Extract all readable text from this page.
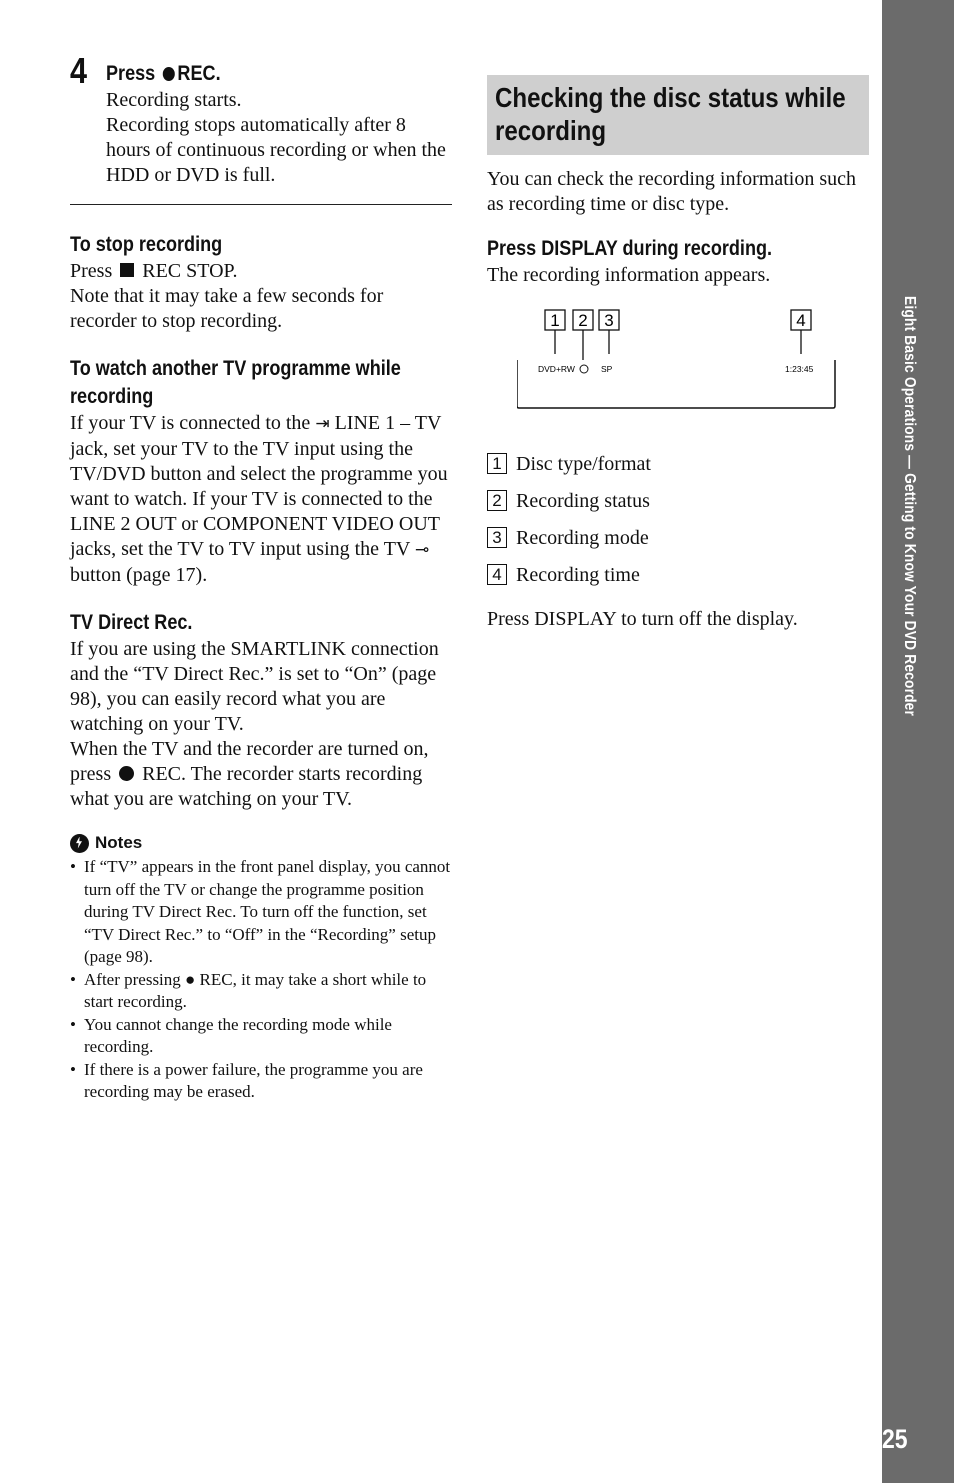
Eight Basic Operations — Getting to Know Your DVD Recorder
25
4 Press REC.
Recording starts.
Recording stops automatically after 8 hours of continuous recording or when the HDD or DVD is full.
To stop recording
Press REC STOP.
Note that it may take a few seconds for recorder to stop recording.
To watch another TV programme while recording
If your TV is connected to the ⇥ LINE 1 – TV jack, set your TV to the TV input using the TV/DVD button and select the programme you want to watch. If your TV is connected to the LINE 2 OUT or COMPONENT VIDEO OUT jacks, set the TV to TV input using the TV ⊸ button (page 17).
TV Direct Rec.
If you are using the SMARTLINK connection and the “TV Direct Rec.” is set to “On” (page 98), you can easily record what you are watching on your TV.
When the TV and the recorder are turned on, press REC. The recorder starts recording what you are watching on your TV.
Notes
• If “TV” appears in the front panel display, you cannot turn off the TV or change the programme position during TV Direct Rec. To turn off the function, set “TV Direct Rec.” to “Off” in the “Recording” setup (page 98).
• After pressing ● REC, it may take a short while to start recording.
• You cannot change the recording mode while recording.
• If there is a power failure, the programme you are recording may be erased.
Checking the disc status while recording
You can check the recording information such as recording time or disc type.
Press DISPLAY during recording.
The recording information appears.
1 2 3	4
DVD+RW	SP	1:23:45
1 Disc type/format
2 Recording status
3 Recording mode
4 Recording time
Press DISPLAY to turn off the display.
